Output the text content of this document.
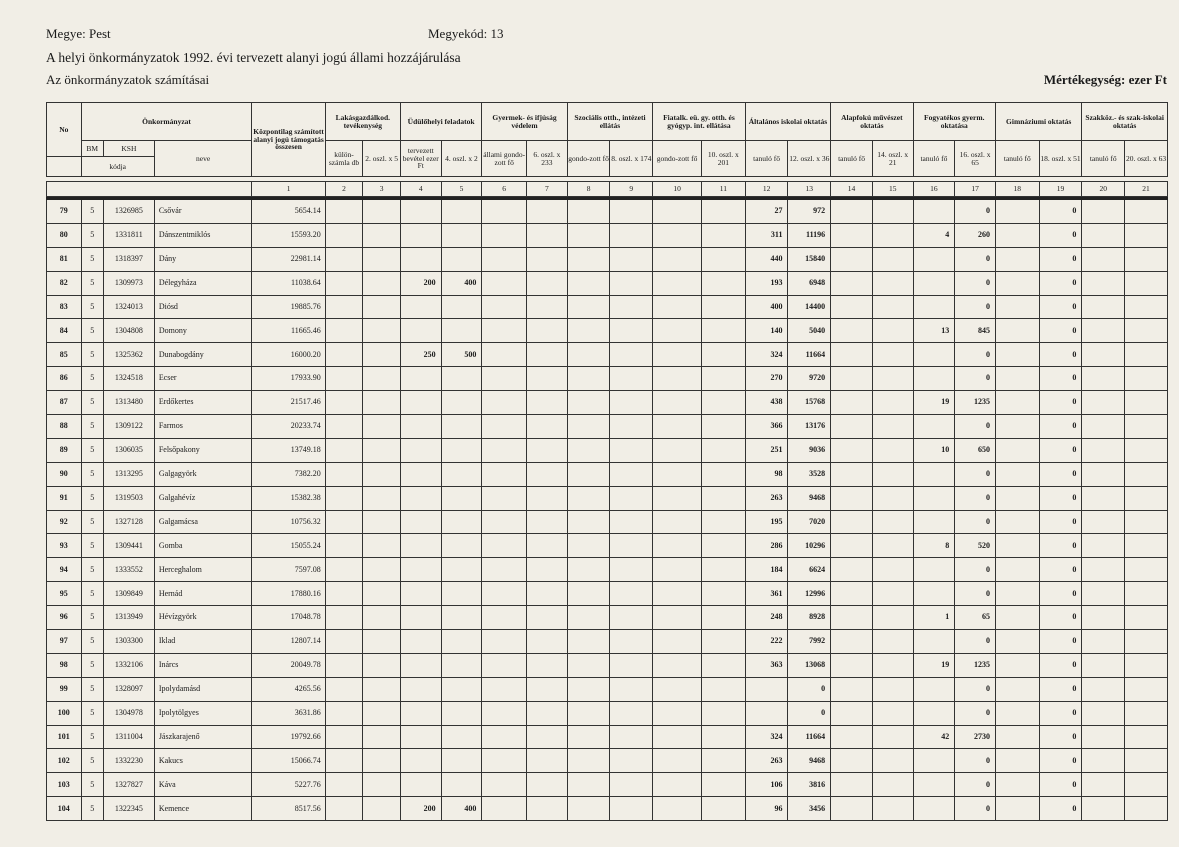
Megye: Pest	Megyekód: 13
A helyi önkormányzatok 1992. évi tervezett alanyi jogú állami hozzájárulása
Az önkormányzatok számításai	Mértékegység: ezer Ft
No	Önkormányzat			Központilag számított alanyi jogú támogatás összesen	Lakásgazdálkod. tevékenység		Üdülőhelyi feladatok		Gyermek- és ifjúság védelem		Szociális otth., intézeti ellátás		Fiatalk. eü. gy. otth. és gyógyp. int. ellátása		Általános iskolai oktatás		Alapfokú művészet oktatás		Fogyatékos gyerm. oktatása		Gimnáziumi oktatás		Szakköz.- és szak-iskolai oktatás	
	BM	KSH	neve		külön-számla db	2. oszl. x 5	tervezett bevétel ezer Ft	4. oszl. x 2	állami gondo-zott fő	6. oszl. x 233	gondo-zott fő	8. oszl. x 174	gondo-zott fő	10. oszl. x 201	tanuló fő	12. oszl. x 36	tanuló fő	14. oszl. x 21	tanuló fő	16. oszl. x 65	tanuló fő	18. oszl. x 51	tanuló fő	20. oszl. x 63
	kódja																							

				1	2	3	4	5	6	7	8	9	10	11	12	13	14	15	16	17	18	19	20	21
79	5	1326985	Csővár	5654.14											27	972				0		0		
80	5	1331811	Dánszentmiklós	15593.20											311	11196			4	260		0		
81	5	1318397	Dány	22981.14											440	15840				0		0		
82	5	1309973	Délegyháza	11038.64			200	400							193	6948				0		0		
83	5	1324013	Diósd	19885.76											400	14400				0		0		
84	5	1304808	Domony	11665.46											140	5040			13	845		0		
85	5	1325362	Dunabogdány	16000.20			250	500							324	11664				0		0		
86	5	1324518	Ecser	17933.90											270	9720				0		0		
87	5	1313480	Erdőkertes	21517.46											438	15768			19	1235		0		
88	5	1309122	Farmos	20233.74											366	13176				0		0		
89	5	1306035	Felsőpakony	13749.18											251	9036			10	650		0		
90	5	1313295	Galgagyörk	7382.20											98	3528				0		0		
91	5	1319503	Galgahévíz	15382.38											263	9468				0		0		
92	5	1327128	Galgamácsa	10756.32											195	7020				0		0		
93	5	1309441	Gomba	15055.24											286	10296			8	520		0		
94	5	1333552	Herceghalom	7597.08											184	6624				0		0		
95	5	1309849	Hernád	17880.16											361	12996				0		0		
96	5	1313949	Hévízgyörk	17048.78											248	8928			1	65		0		
97	5	1303300	Iklad	12807.14											222	7992				0		0		
98	5	1332106	Inárcs	20049.78											363	13068			19	1235		0		
99	5	1328097	Ipolydamásd	4265.56												0				0		0		
100	5	1304978	Ipolytölgyes	3631.86												0				0		0		
101	5	1311004	Jászkarajenő	19792.66											324	11664			42	2730		0		
102	5	1332230	Kakucs	15066.74											263	9468				0		0		
103	5	1327827	Káva	5227.76											106	3816				0		0		
104	5	1322345	Kemence	8517.56			200	400							96	3456				0		0		
